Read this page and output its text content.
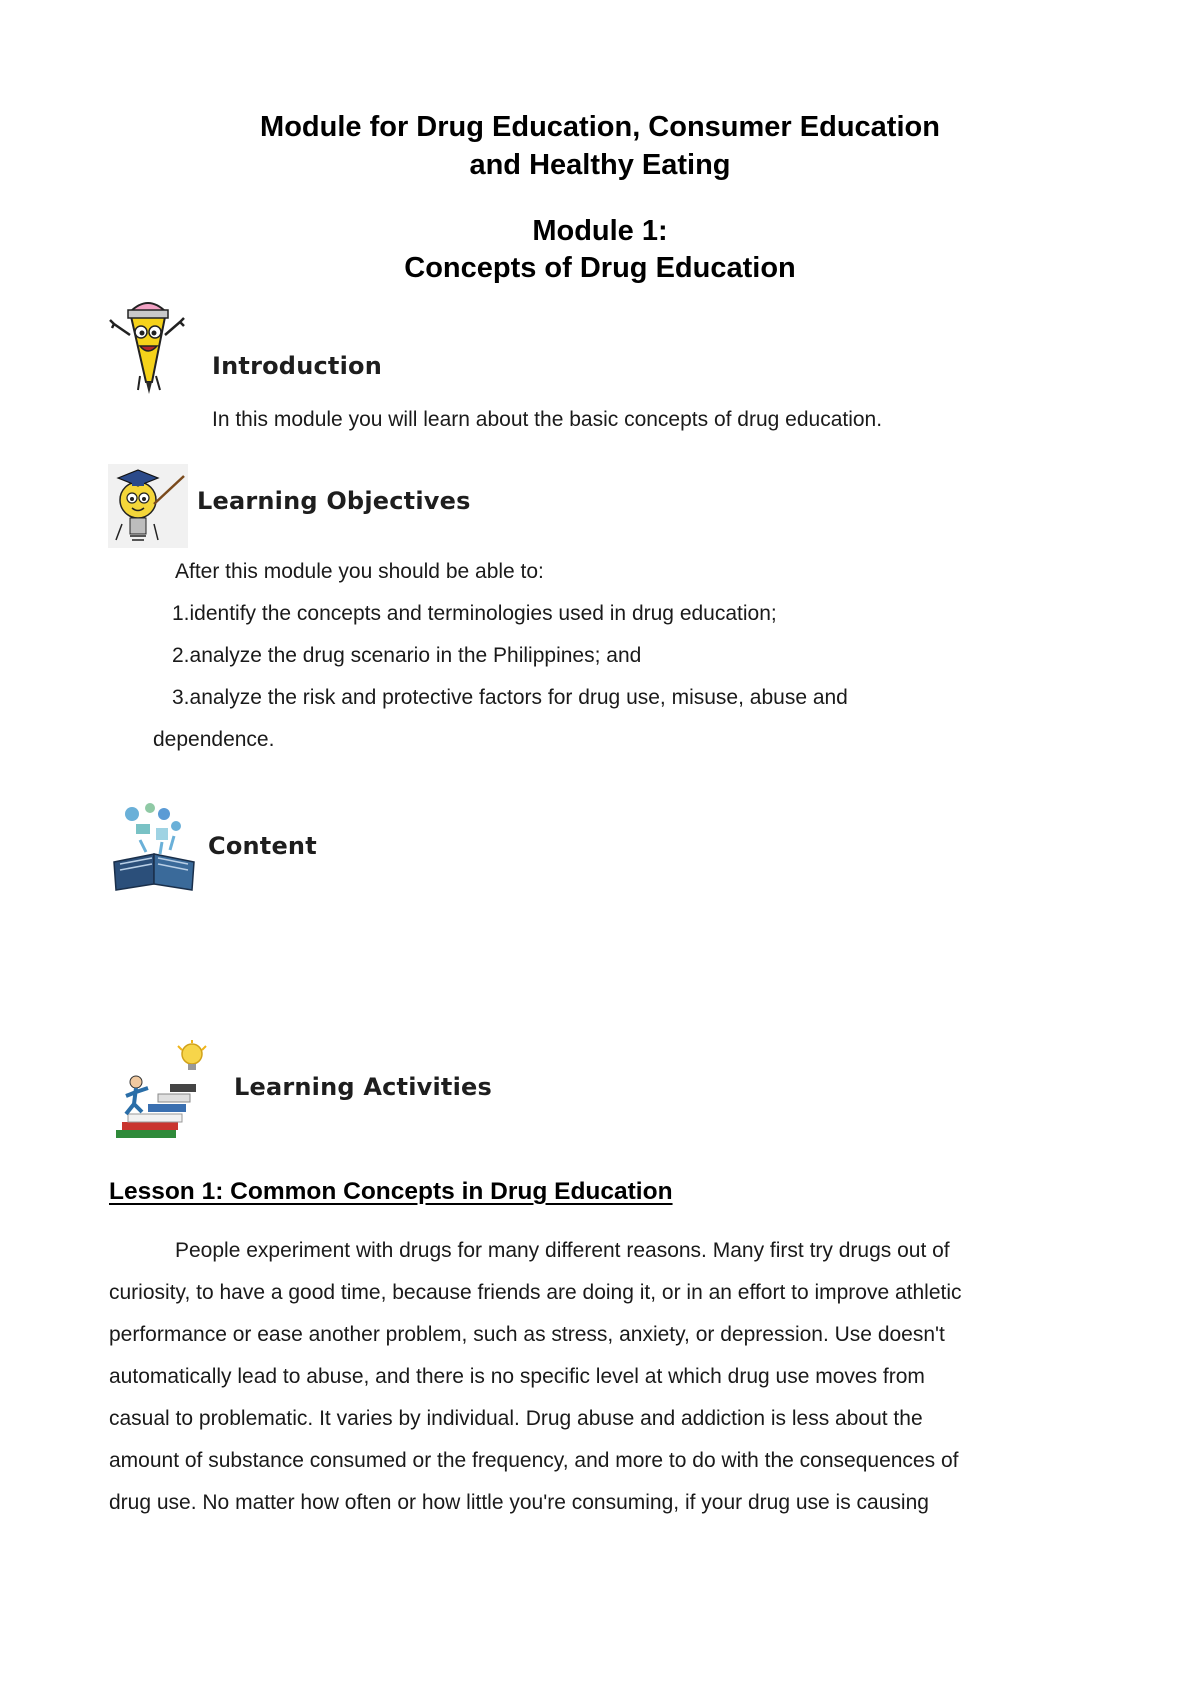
Module for Drug Education, Consumer Education
and Healthy Eating
Module 1:
Concepts of Drug Education
Introduction
In this module you will learn about the basic concepts of drug education.
Learning Objectives
After this module you should be able to:
1.identify the concepts and terminologies used in drug education;
2.analyze the drug scenario in the Philippines; and
3.analyze the risk and protective factors for drug use, misuse, abuse and
dependence.
Content
Learning Activities
Lesson 1: Common Concepts in Drug Education
People experiment with drugs for many different reasons. Many first try drugs out of
curiosity, to have a good time, because friends are doing it, or in an effort to improve athletic
performance or ease another problem, such as stress, anxiety, or depression. Use doesn't
automatically lead to abuse, and there is no specific level at which drug use moves from
casual to problematic. It varies by individual. Drug abuse and addiction is less about the
amount of substance consumed or the frequency, and more to do with the consequences of
drug use. No matter how often or how little you're consuming, if your drug use is causing
